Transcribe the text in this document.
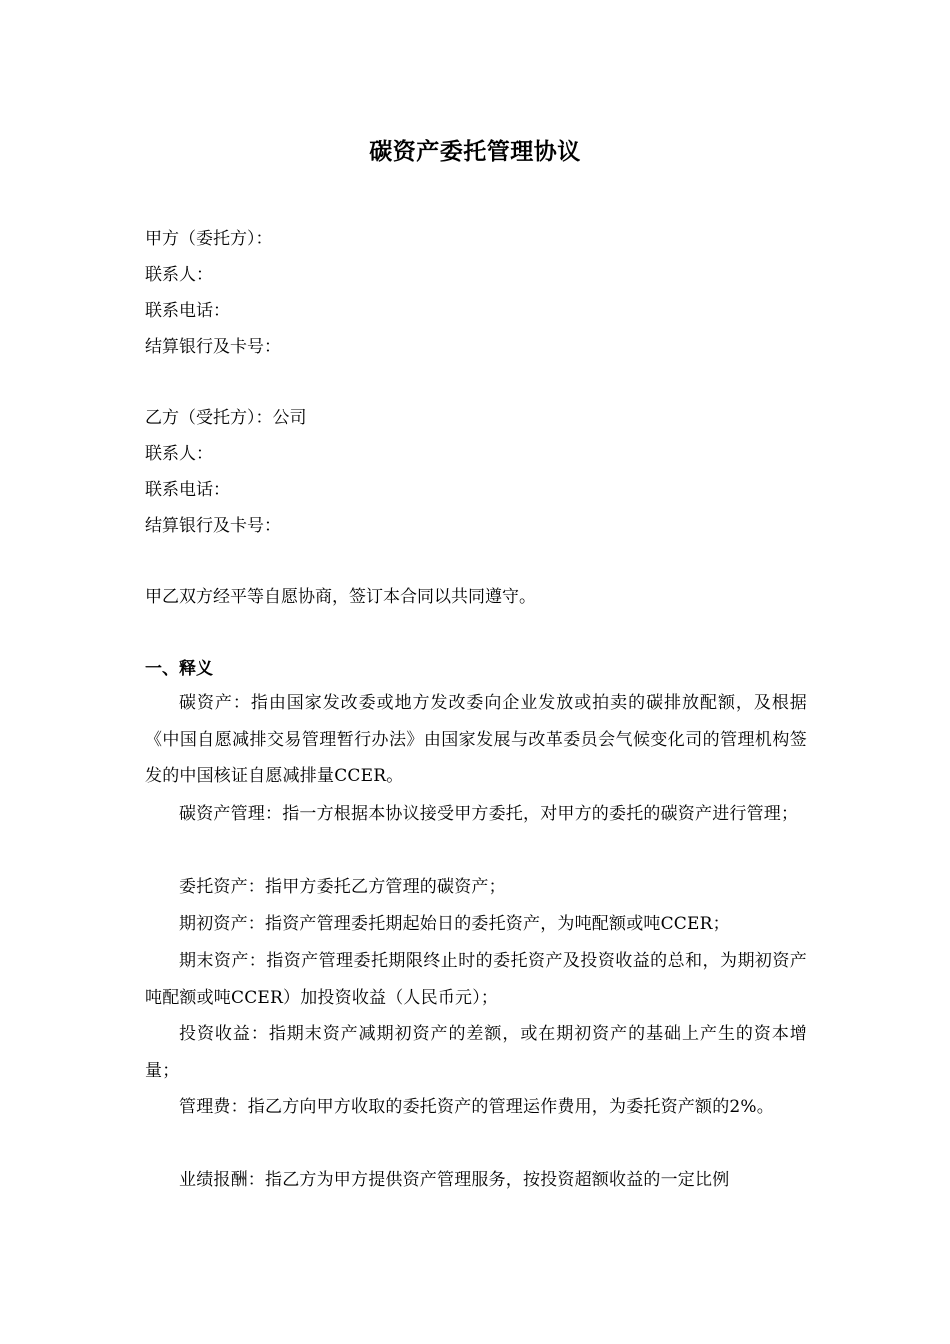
碳资产委托管理协议
甲方（委托方）：
联系人：
联系电话：
结算银行及卡号：
乙方（受托方）：公司
联系人：
联系电话：
结算银行及卡号：
甲乙双方经平等自愿协商，签订本合同以共同遵守。
一、释义
碳资产：指由国家发改委或地方发改委向企业发放或拍卖的碳排放配额，及根据《中国自愿减排交易管理暂行办法》由国家发展与改革委员会气候变化司的管理机构签发的中国核证自愿减排量CCER。
碳资产管理：指一方根据本协议接受甲方委托，对甲方的委托的碳资产进行管理；
委托资产：指甲方委托乙方管理的碳资产；
期初资产：指资产管理委托期起始日的委托资产，为吨配额或吨CCER；
期末资产：指资产管理委托期限终止时的委托资产及投资收益的总和，为期初资产吨配额或吨CCER）加投资收益（人民币元）；
投资收益：指期末资产减期初资产的差额，或在期初资产的基础上产生的资本增量；
管理费：指乙方向甲方收取的委托资产的管理运作费用，为委托资产额的2%。
业绩报酬：指乙方为甲方提供资产管理服务，按投资超额收益的一定比例
